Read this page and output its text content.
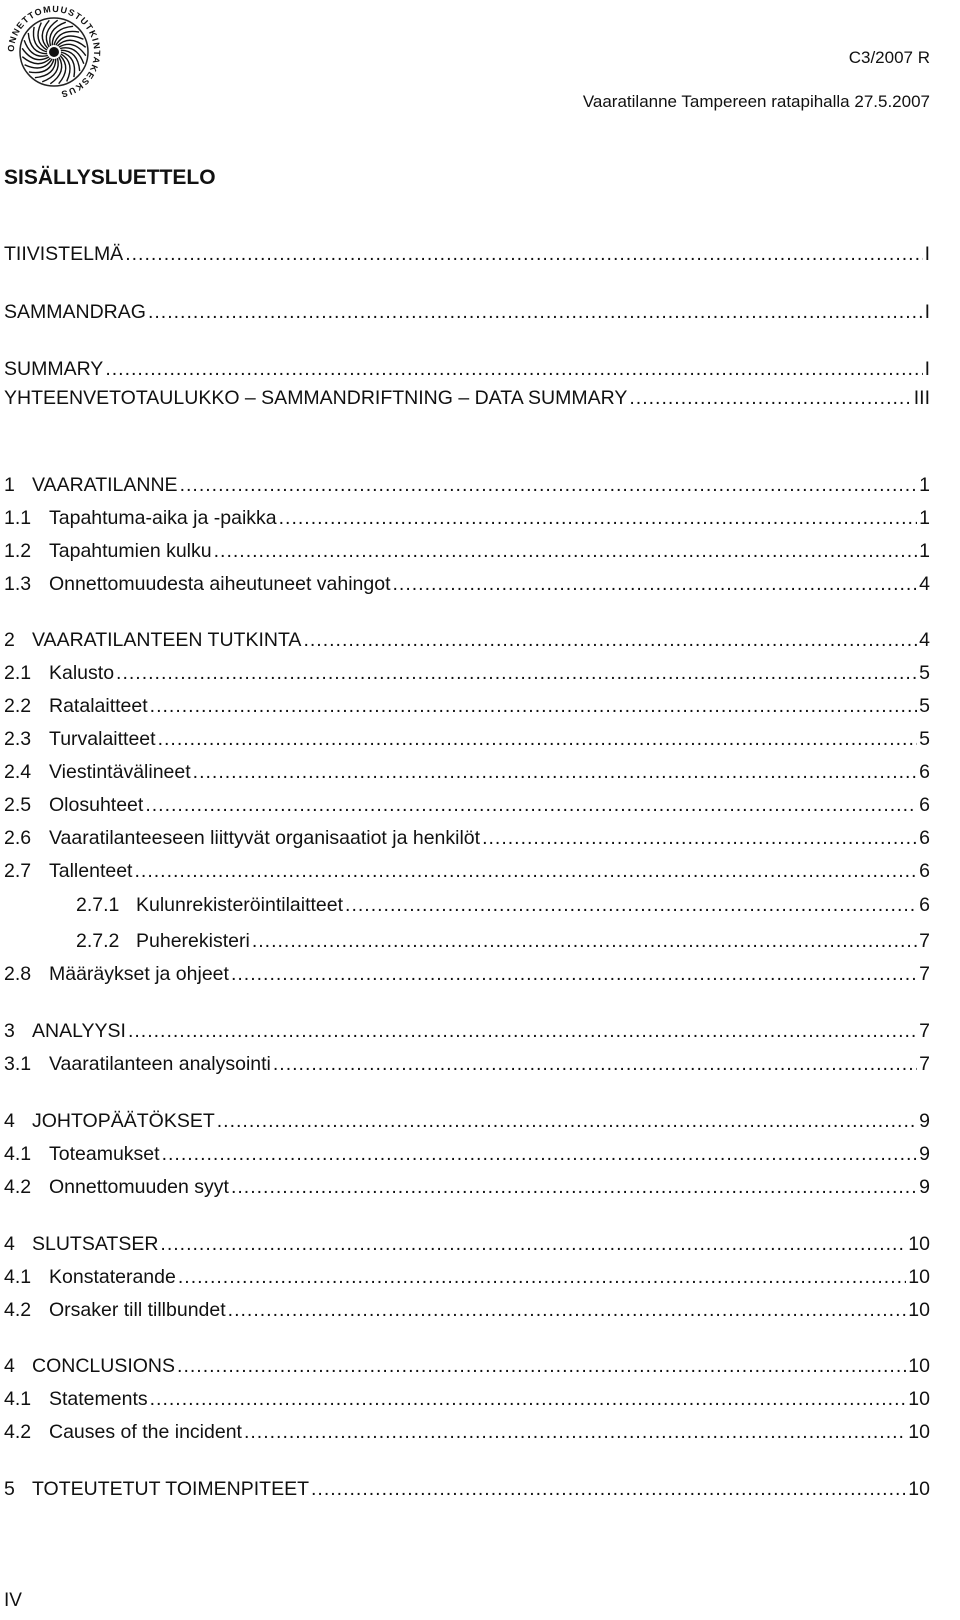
ONNETTOMUUSTUTKINTAKESKUS
C3/2007 R
Vaaratilanne Tampereen ratapihalla 27.5.2007
SISÄLLYSLUETTELO
TIIVISTELMÄ .....	I
SAMMANDRAG .....	I
SUMMARY .....	I
YHTEENVETOTAULUKKO – SAMMANDRIFTNING – DATA SUMMARY .....	III
1 VAARATILANNE .....	1
1.1 Tapahtuma-aika ja -paikka .....	1
1.2 Tapahtumien kulku .....	1
1.3 Onnettomuudesta aiheutuneet vahingot .....	4
2 VAARATILANTEEN TUTKINTA .....	4
2.1 Kalusto .....	5
2.2 Ratalaitteet .....	5
2.3 Turvalaitteet .....	5
2.4 Viestintävälineet .....	6
2.5 Olosuhteet .....	6
2.6 Vaaratilanteeseen liittyvät organisaatiot ja henkilöt .....	6
2.7 Tallenteet .....	6
2.7.1 Kulunrekisteröintilaitteet .....	6
2.7.2 Puherekisteri .....	7
2.8 Määräykset ja ohjeet .....	7
3 ANALYYSI .....	7
3.1 Vaaratilanteen analysointi .....	7
4 JOHTOPÄÄTÖKSET .....	9
4.1 Toteamukset .....	9
4.2 Onnettomuuden syyt .....	9
4 SLUTSATSER .....	10
4.1 Konstaterande .....	10
4.2 Orsaker till tillbundet .....	10
4 CONCLUSIONS .....	10
4.1 Statements .....	10
4.2 Causes of the incident .....	10
5 TOTEUTETUT TOIMENPITEET .....	10
IV
